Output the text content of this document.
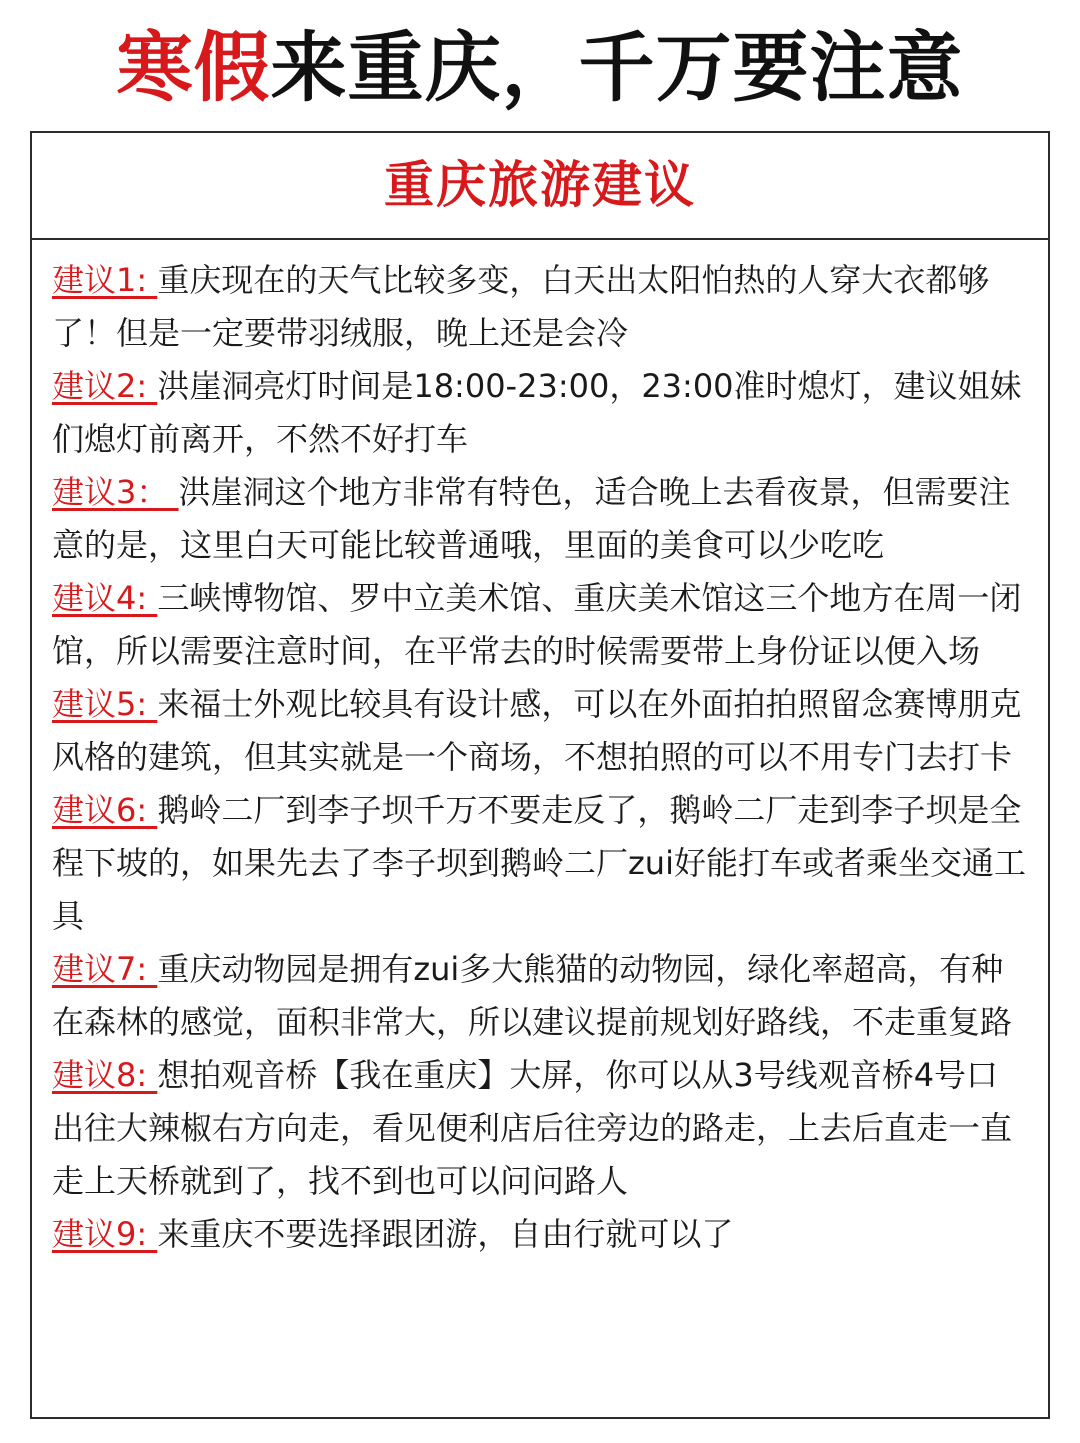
寒假来重庆，千万要注意
重庆旅游建议

建议1: 重庆现在的天气比较多变，白天出太阳怕热的人穿大衣都够了！但是一定要带羽绒服，晚上还是会冷

建议2: 洪崖洞亮灯时间是18:00-23:00，23:00准时熄灯，建议姐妹们熄灯前离开，不然不好打车

建议3： 洪崖洞这个地方非常有特色，适合晚上去看夜景，但需要注意的是，这里白天可能比较普通哦，里面的美食可以少吃吃

建议4: 三峡博物馆、罗中立美术馆、重庆美术馆这三个地方在周一闭馆，所以需要注意时间，在平常去的时候需要带上身份证以便入场

建议5: 来福士外观比较具有设计感，可以在外面拍拍照留念赛博朋克风格的建筑，但其实就是一个商场，不想拍照的可以不用专门去打卡

建议6: 鹅岭二厂到李子坝千万不要走反了，鹅岭二厂走到李子坝是全程下坡的，如果先去了李子坝到鹅岭二厂zui好能打车或者乘坐交通工具

建议7: 重庆动物园是拥有zui多大熊猫的动物园，绿化率超高，有种在森林的感觉，面积非常大，所以建议提前规划好路线，不走重复路

建议8: 想拍观音桥【我在重庆】大屏，你可以从3号线观音桥4号口出往大辣椒右方向走，看见便利店后往旁边的路走，上去后直走一直走上天桥就到了，找不到也可以问问路人

建议9: 来重庆不要选择跟团游，自由行就可以了
